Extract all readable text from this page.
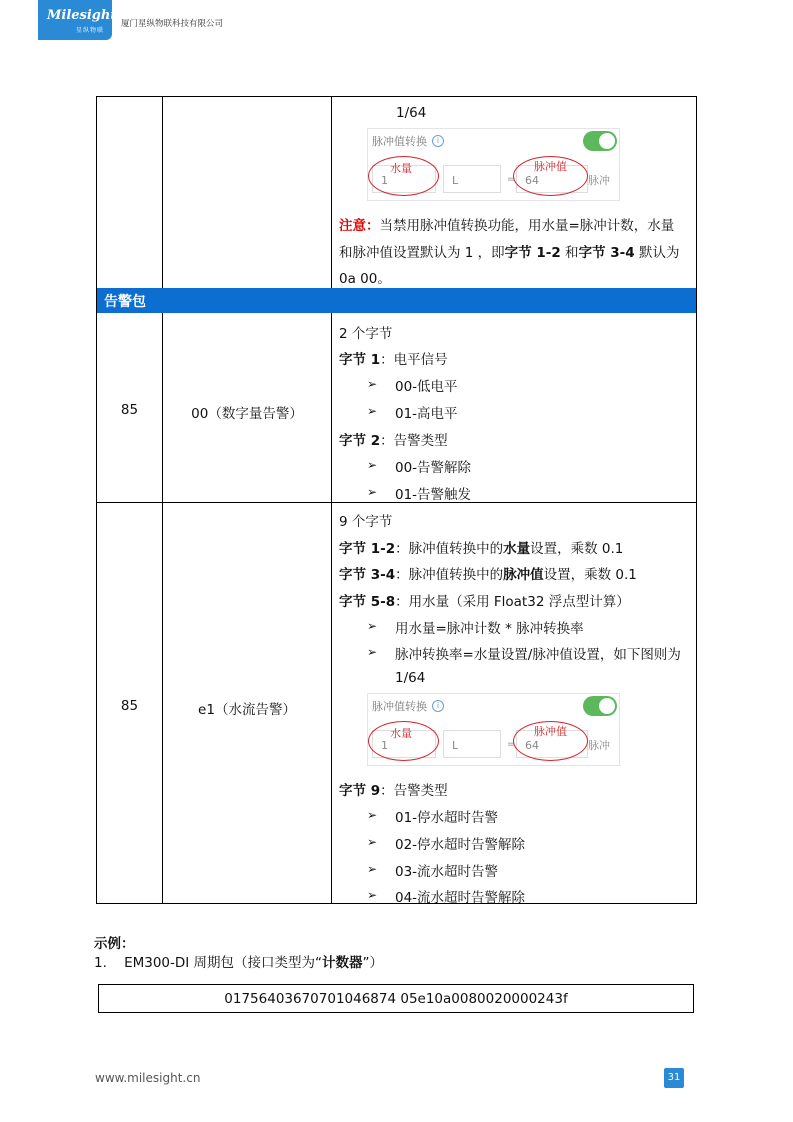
Milesight
星纵物联
厦门星纵物联科技有限公司
告警包
1/64
脉冲值转换	i
1	L	= 64	脉冲
水量	脉冲值
注意：当禁用脉冲值转换功能，用水量=脉冲计数，水量
和脉冲值设置默认为 1 ，即字节 1-2 和字节 3-4 默认为
0a 00。
85	00（数字量告警）
2 个字节
字节 1：电平信号
➢ 00-低电平
➢ 01-高电平
字节 2：告警类型
➢ 00-告警解除
➢ 01-告警触发
85	e1（水流告警）
9 个字节
字节 1-2：脉冲值转换中的水量设置，乘数 0.1
字节 3-4：脉冲值转换中的脉冲值设置，乘数 0.1
字节 5-8：用水量（采用 Float32 浮点型计算）
➢ 用水量=脉冲计数 * 脉冲转换率
➢ 脉冲转换率=水量设置/脉冲值设置，如下图则为
1/64
脉冲值转换	i
1	L	= 64	脉冲
水量	脉冲值
字节 9：告警类型
➢ 01-停水超时告警
➢ 02-停水超时告警解除
➢ 03-流水超时告警
➢ 04-流水超时告警解除
示例：
1. EM300-DI 周期包（接口类型为“计数器”）
01756403670701046874 05e10a0080020000243f
www.milesight.cn	31
